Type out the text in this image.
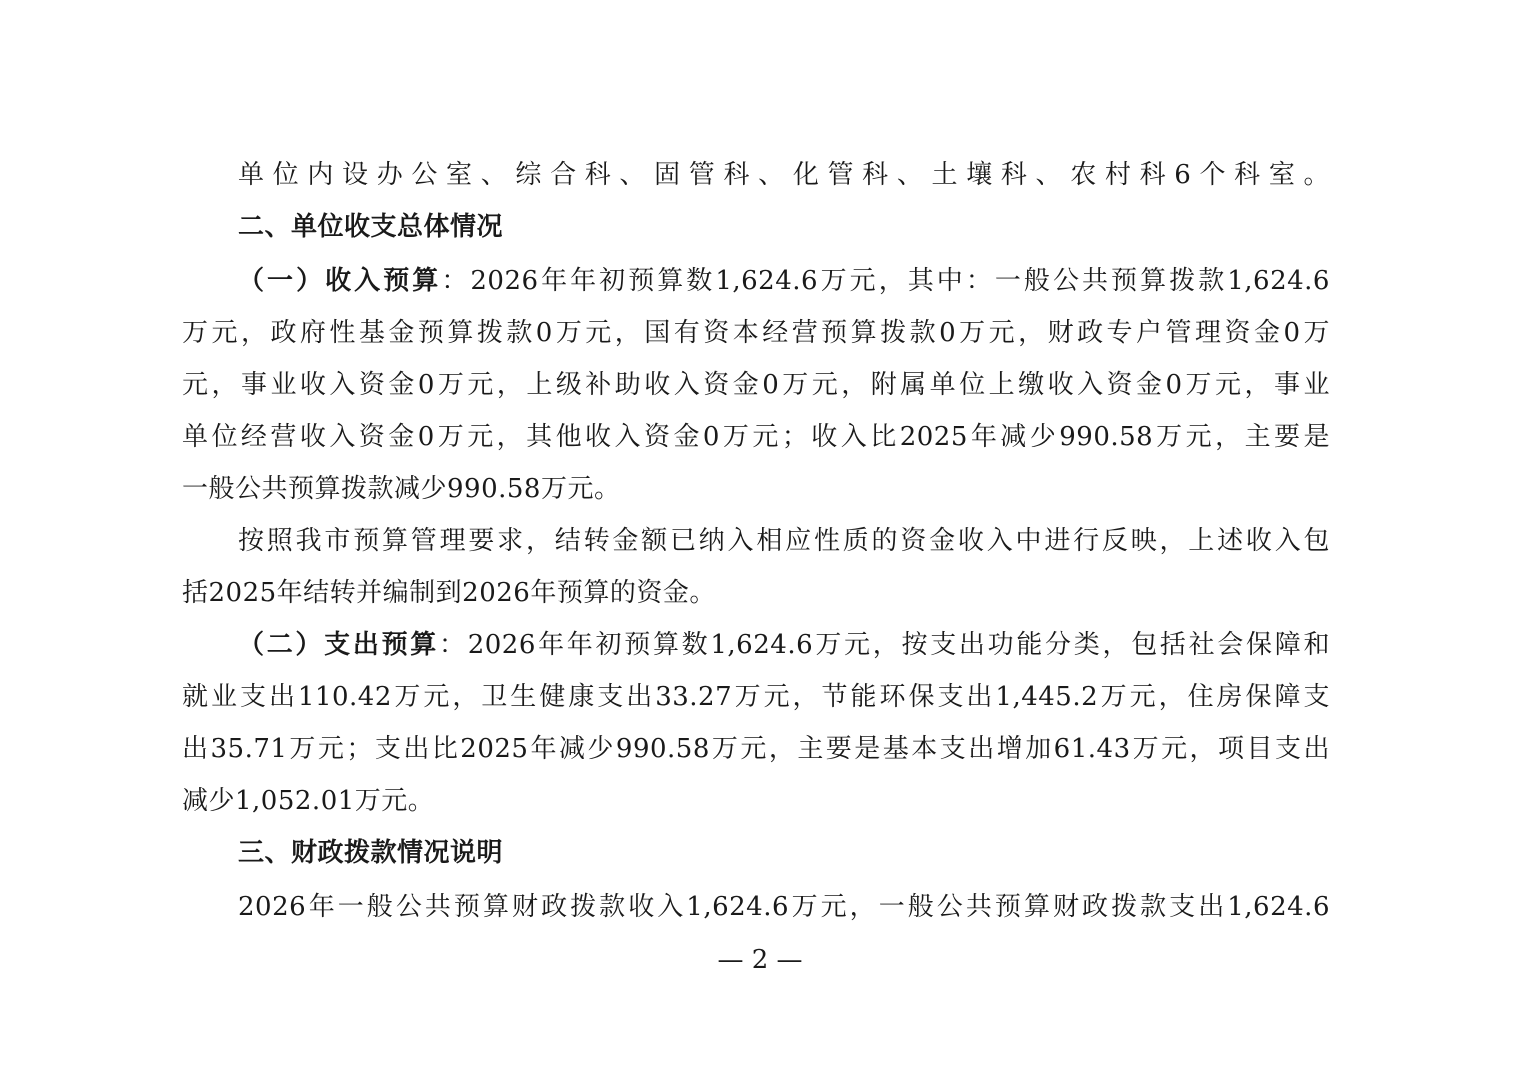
单位内设办公室、综合科、固管科、化管科、土壤科、农村科6个科室。

二、单位收支总体情况

（一）收入预算：2026年年初预算数1,624.6万元，其中：一般公共预算拨款1,624.6

万元，政府性基金预算拨款0万元，国有资本经营预算拨款0万元，财政专户管理资金0万

元，事业收入资金0万元，上级补助收入资金0万元，附属单位上缴收入资金0万元，事业

单位经营收入资金0万元，其他收入资金0万元；收入比2025年减少990.58万元，主要是

一般公共预算拨款减少990.58万元。

按照我市预算管理要求，结转金额已纳入相应性质的资金收入中进行反映，上述收入包

括2025年结转并编制到2026年预算的资金。

（二）支出预算：2026年年初预算数1,624.6万元，按支出功能分类，包括社会保障和

就业支出110.42万元，卫生健康支出33.27万元，节能环保支出1,445.2万元，住房保障支

出35.71万元；支出比2025年减少990.58万元，主要是基本支出增加61.43万元，项目支出

减少1,052.01万元。

三、财政拨款情况说明

2026年一般公共预算财政拨款收入1,624.6万元，一般公共预算财政拨款支出1,624.6

— 2 —
